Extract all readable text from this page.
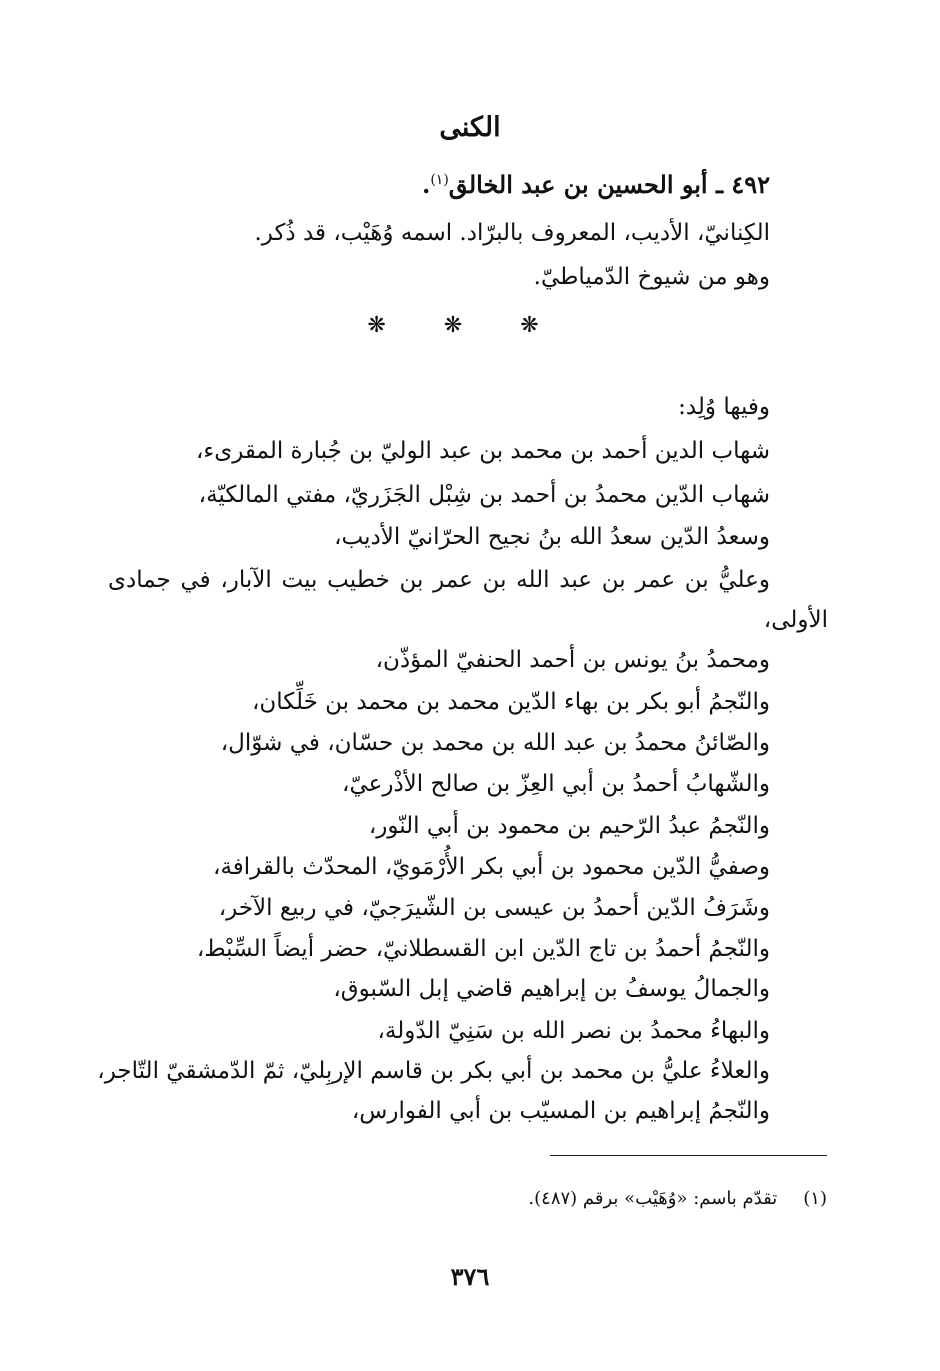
الكنى
٤٩٢ ـ أبو الحسين بن عبد الخالق$^{(١)}$.
الكِنانيّ، الأديب، المعروف بالبرّاد. اسمه وُهَيْب، قد ذُكر.
وهو من شيوخ الدّمياطيّ.
❋ ❋ ❋
وفيها وُلِد:
شهاب الدين أحمد بن محمد بن عبد الوليّ بن جُبارة المقرىء،
شهاب الدّين محمدُ بن أحمد بن شِبْل الجَزَريّ، مفتي المالكيّة،
وسعدُ الدّين سعدُ الله بنُ نجيح الحرّانيّ الأديب،
وعليُّ بن عمر بن عبد الله بن عمر بن خطيب بيت الآبار، في جمادى
الأولى،
ومحمدُ بنُ يونس بن أحمد الحنفيّ المؤذّن،
والنّجمُ أبو بكر بن بهاء الدّين محمد بن محمد بن خَلِّكان،
والصّائنُ محمدُ بن عبد الله بن محمد بن حسّان، في شوّال،
والشّهابُ أحمدُ بن أبي العِزّ بن صالح الأذْرعيّ،
والنّجمُ عبدُ الرّحيم بن محمود بن أبي النّور،
وصفيُّ الدّين محمود بن أبي بكر الأُرْمَويّ، المحدّث بالقرافة،
وشَرَفُ الدّين أحمدُ بن عيسى بن الشّيرَجيّ، في ربيع الآخر،
والنّجمُ أحمدُ بن تاج الدّين ابن القسطلانيّ، حضر أيضاً السِّبْط،
والجمالُ يوسفُ بن إبراهيم قاضي إبل السّبوق،
والبهاءُ محمدُ بن نصر الله بن سَنِيّ الدّولة،
والعلاءُ عليُّ بن محمد بن أبي بكر بن قاسم الإربِليّ، ثمّ الدّمشقيّ التّاجر،
والنّجمُ إبراهيم بن المسيّب بن أبي الفوارس،
(١)تقدّم باسم: «وُهَيْب» برقم (٤٨٧).
٣٧٦
